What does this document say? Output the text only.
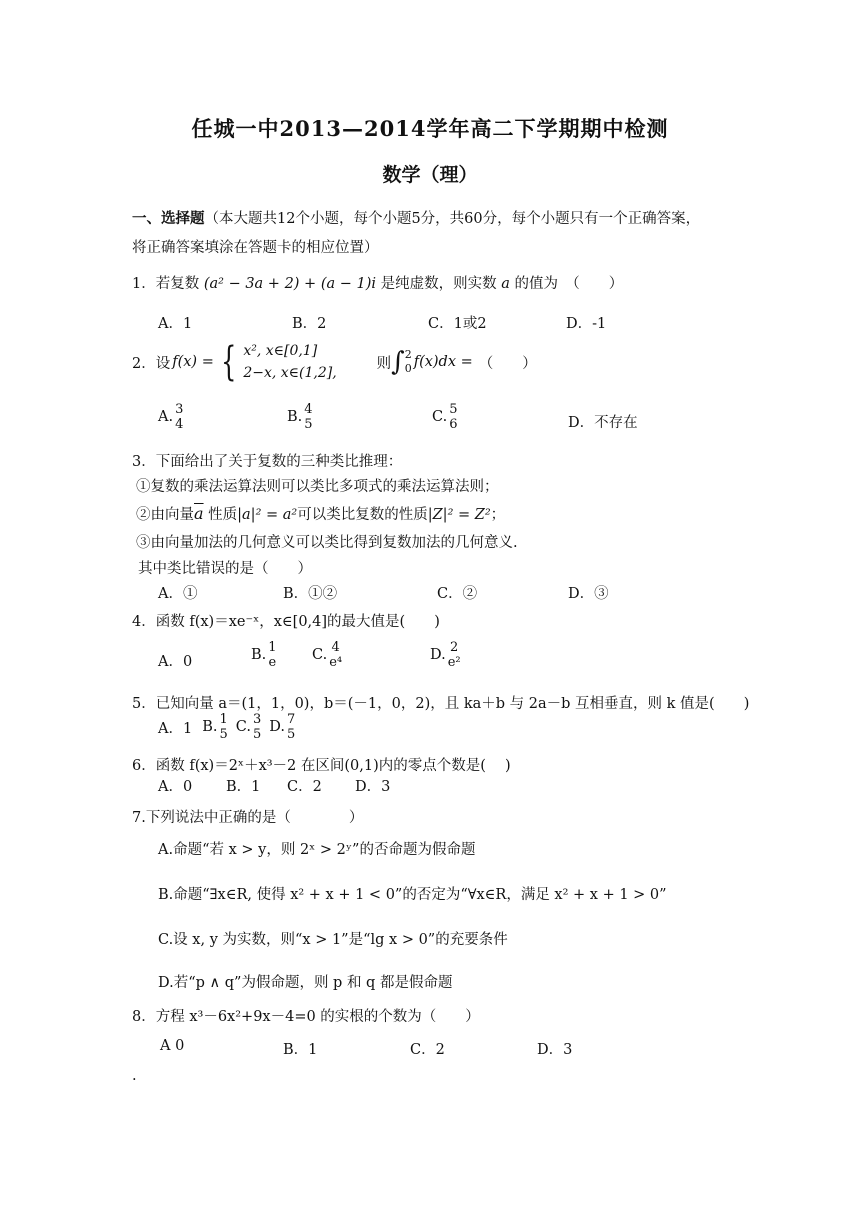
任城一中2013—2014学年高二下学期期中检测
数学（理）
一、选择题（本大题共12个小题，每个小题5分，共60分，每个小题只有一个正确答案，
将正确答案填涂在答题卡的相应位置）
1．若复数 (a² − 3a + 2) + (a − 1)i 是纯虚数，则实数 a 的值为　（　　）
A．1	B．2	C．1或2	D．-1
2．设 f(x) = { x², x∈[0,1]
2−x, x∈(1,2],
则 ∫ 2
0 f(x)dx = （　　）
A. 3
4	B. 4
5	C. 5
6	D．不存在
3．下面给出了关于复数的三种类比推理：
①复数的乘法运算法则可以类比多项式的乘法运算法则；
②由向量$\overline{a}$ 性质|a|² = a²可以类比复数的性质|Z|² = Z²；
③由向量加法的几何意义可以类比得到复数加法的几何意义.
其中类比错误的是（　　）
A．①	B．①②	C．②	D．③
4．函数 f(x)＝xe⁻ˣ，x∈[0,4]的最大值是(　　)
A．0	B. 1
e C. 4
e⁴	D. 2
e²
5．已知向量 a＝(1，1，0)，b＝(－1，0，2)，且 ka＋b 与 2a－b 互相垂直，则 k 值是(　　)
A．1 B. 1
5 C. 3
5 D. 7
5
6．函数 f(x)＝2ˣ＋x³－2 在区间(0,1)内的零点个数是(　 )
A．0 B．1 C．2 D．3
7.下列说法中正确的是（　　　　）
A.命题“若 x > y，则 2ˣ > 2ʸ”的否命题为假命题
B.命题“∃x∈R, 使得 x² + x + 1 < 0”的否定为“∀x∈R，满足 x² + x + 1 > 0”
C.设 x, y 为实数，则“x > 1”是“lg x > 0”的充要条件
D.若“p ∧ q”为假命题，则 p 和 q 都是假命题
8．方程 x³－6x²+9x－4=0 的实根的个数为（　　）
A 0	B．1	C．2	D．3
.
